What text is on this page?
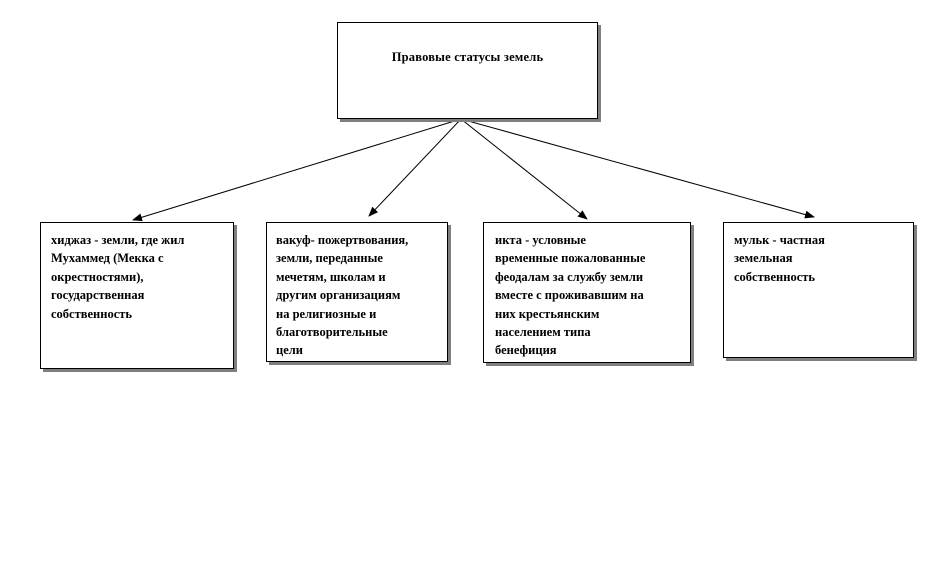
Правовые статусы земель
хиджаз - земли, где жил
Мухаммед (Мекка с
окрестностями),
государственная
собственность
вакуф- пожертвования,
земли, переданные
мечетям, школам и
другим организациям
на религиозные и
благотворительные
цели
икта - условные
временные пожалованные
феодалам за службу земли
вместе с проживавшим на
них крестьянским
населением типа
бенефиция
мульк - частная
земельная
собственность
